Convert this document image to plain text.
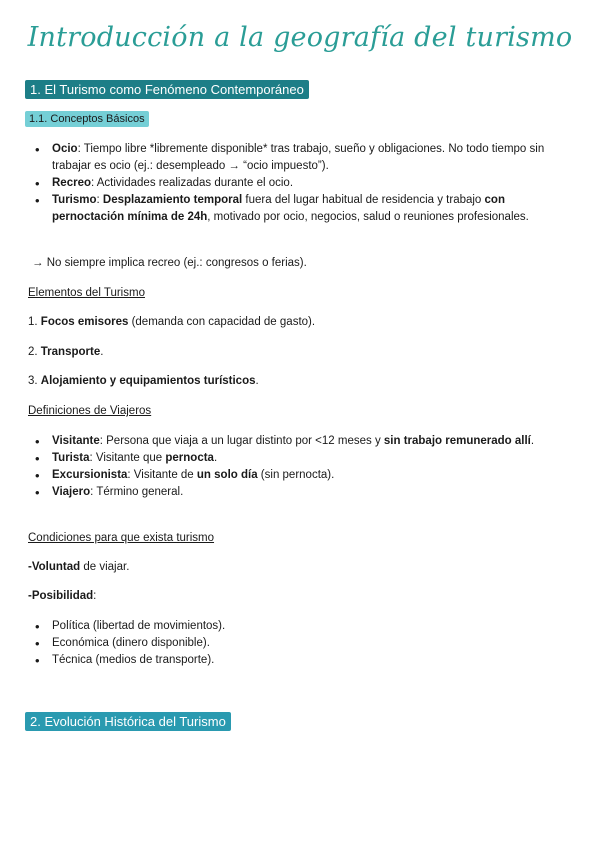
Introducción a la geografía del turismo
1. El Turismo como Fenómeno Contemporáneo
1.1. Conceptos Básicos
• Ocio: Tiempo libre *libremente disponible* tras trabajo, sueño y obligaciones. No todo tiempo sin trabajar es ocio (ej.: desempleado → “ocio impuesto”).
• Recreo: Actividades realizadas durante el ocio.
• Turismo: Desplazamiento temporal fuera del lugar habitual de residencia y trabajo con pernoctación mínima de 24h, motivado por ocio, negocios, salud o reuniones profesionales.
→ No siempre implica recreo (ej.: congresos o ferias).
Elementos del Turismo
1. Focos emisores (demanda con capacidad de gasto).
2. Transporte.
3. Alojamiento y equipamientos turísticos.
Definiciones de Viajeros
• Visitante: Persona que viaja a un lugar distinto por <12 meses y sin trabajo remunerado allí.
• Turista: Visitante que pernocta.
• Excursionista: Visitante de un solo día (sin pernocta).
• Viajero: Término general.
Condiciones para que exista turismo
-Voluntad de viajar.
-Posibilidad:
• Política (libertad de movimientos).
• Económica (dinero disponible).
• Técnica (medios de transporte).
2. Evolución Histórica del Turismo
